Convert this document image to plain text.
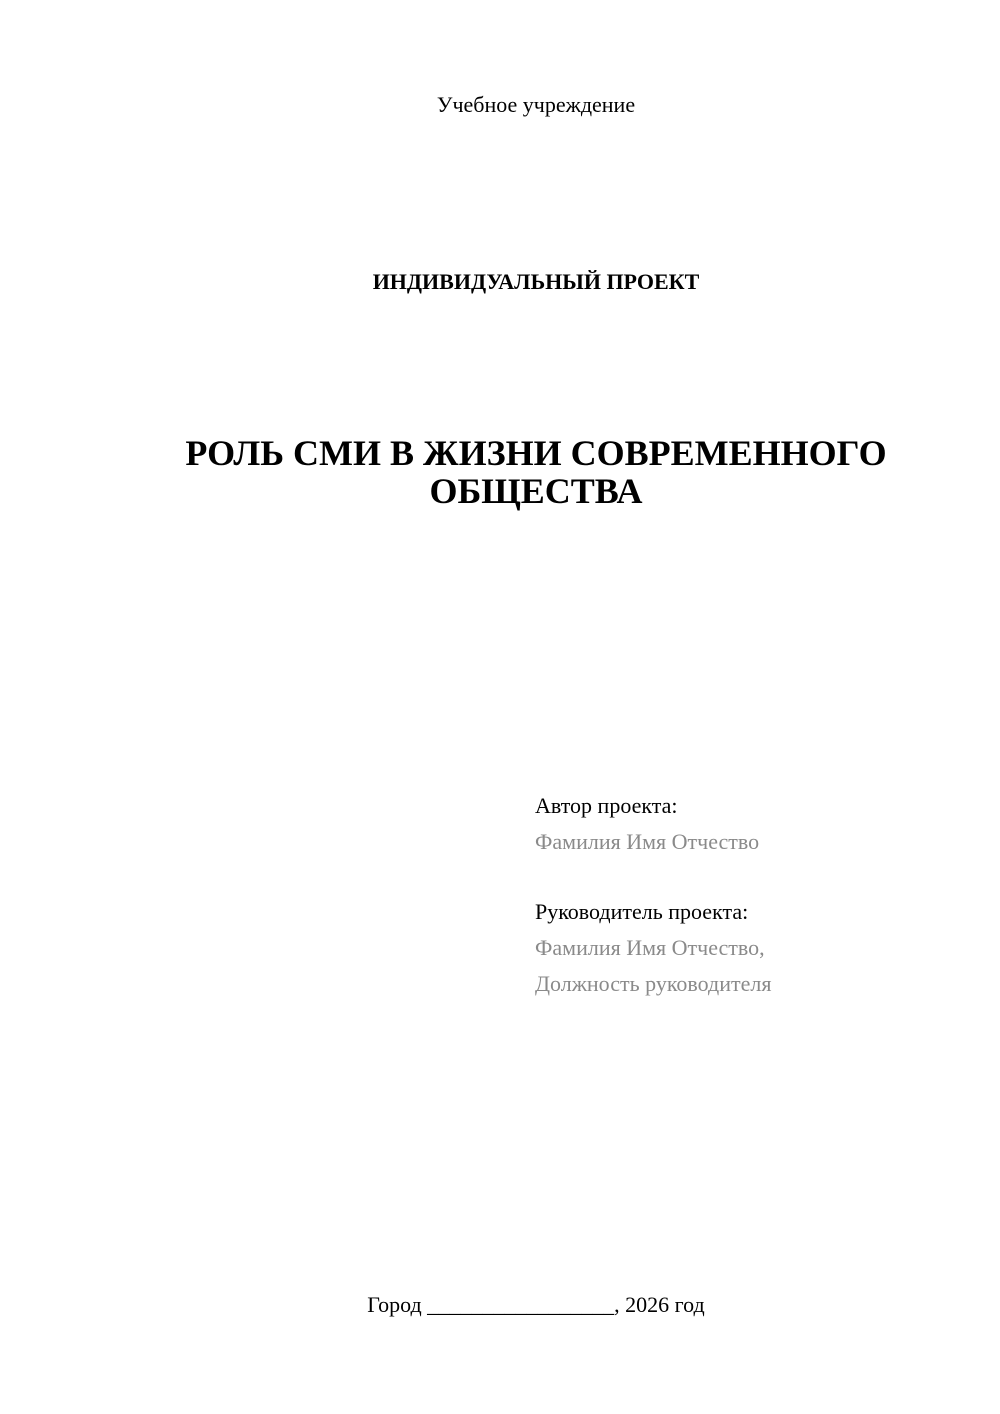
Учебное учреждение
ИНДИВИДУАЛЬНЫЙ ПРОЕКТ
РОЛЬ СМИ В ЖИЗНИ СОВРЕМЕННОГО
ОБЩЕСТВА
Автор проекта:
Фамилия Имя Отчество
Руководитель проекта:
Фамилия Имя Отчество,
Должность руководителя
Город _________________, 2026 год
